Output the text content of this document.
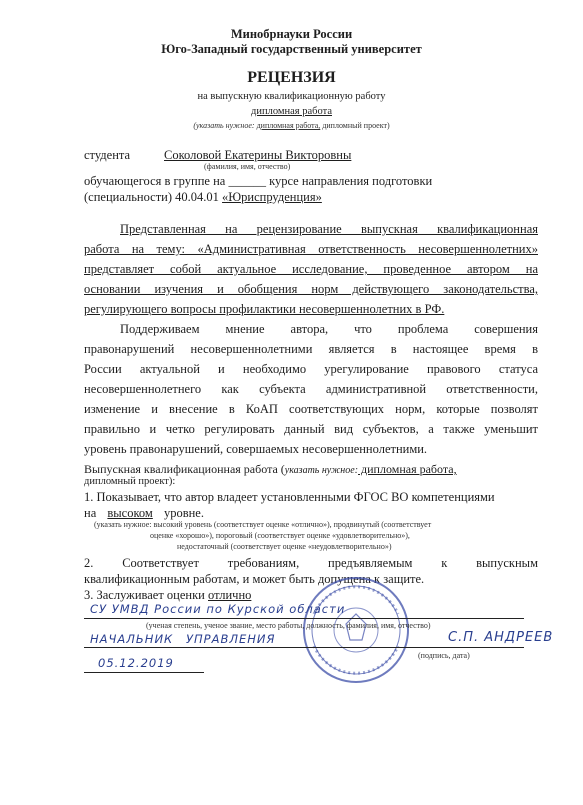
Минобрнауки России
Юго-Западный государственный университет
РЕЦЕНЗИЯ
на выпускную квалификационную работу
дипломная работа
(указать нужное: дипломная работа, дипломный проект)
студента	Соколовой Екатерины Викторовны
(фамилия, имя, отчество)
обучающегося в группе на ______ курсе направления подготовки
(специальности) 40.04.01 «Юриспруденция»
Представленная на рецензирование выпускная квалификационная
работа на тему: «Административная ответственность несовершеннолетних»
представляет собой актуальное исследование, проведенное автором на
основании изучения и обобщения норм действующего законодательства,
регулирующего вопросы профилактики несовершеннолетних в РФ.
Поддерживаем мнение автора, что проблема совершения
правонарушений несовершеннолетними является в настоящее время в
России актуальной и необходимо урегулирование правового статуса
несовершеннолетнего как субъекта административной ответственности,
изменение и внесение в КоАП соответствующих норм, которые позволят
правильно и четко регулировать данный вид субъектов, а также уменьшит
уровень правонарушений, совершаемых несовершеннолетними.
Выпускная квалификационная работа (указать нужное: дипломная работа,
дипломный проект):
1. Показывает, что автор владеет установленными ФГОС ВО компетенциями
на высоком уровне.
(указать нужное: высокий уровень (соответствует оценке «отлично»), продвинутый (соответствует
оценке «хорошо»), пороговый (соответствует оценке «удовлетворительно»),
недостаточный (соответствует оценке «неудовлетворительно»)
2. Соответствует требованиям, предъявляемым к выпускным
квалификационным работам, и может быть допущена к защите.
3. Заслуживает оценки отлично
СУ УМВД России по Курской области
(ученая степень, ученое звание, место работы, должность, фамилия, имя, отчество)
НАЧАЛЬНИК УПРАВЛЕНИЯ	С.П. АНДРЕЕВ
(подпись, дата)
05.12.2019
